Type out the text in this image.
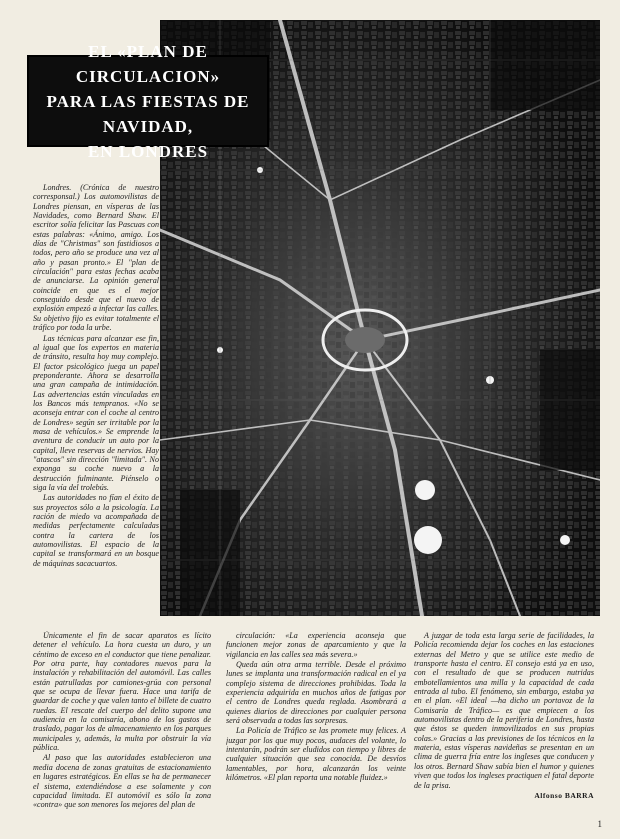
EL «PLAN DE CIRCULACION»
PARA LAS FIESTAS DE NAVIDAD,
EN LONDRES

Londres. (Crónica de nuestro corresponsal.) Los automovilistas de Londres piensan, en vísperas de las Navidades, como Bernard Shaw. El escritor solía felicitar las Pascuas con estas palabras: «Ánimo, amigo. Los días de "Christmas" son fastidiosos a todos, pero año se produce una vez al año y pasan pronto.» El "plan de circulación" para estas fechas acaba de anunciarse. La opinión general coincide en que es el mejor conseguido desde que el nuevo de explosión empezó a infectar las calles. Su objetivo fijo es evitar totalmente el tráfico por toda la urbe.

Las técnicas para alcanzar ese fin, al igual que los expertos en materia de tránsito, resulta hoy muy complejo. El factor psicológico juega un papel preponderante. Ahora se desarrolla una gran campaña de intimidación. Las advertencias están vinculadas en los Bancos más tempranos. «No se aconseja entrar con el coche al centro de Londres» según ser irritable por la masa de vehículos.» Se emprende la aventura de conducir un auto por la capital, lleve reservas de nervios. Hay "atascos" sin dirección "limitada". No exponga su coche nuevo a la destrucción fulminante. Piénselo o siga la vía del trolebús.

Las autoridades no fían el éxito de sus proyectos sólo a la psicología. La ración de miedo va acompañada de medidas perfectamente calculadas contra la cartera de los automovilistas. El espacio de la capital se transformará en un bosque de máquinas sacacuartos.

Únicamente el fin de sacar aparatos es lícito detener el vehículo. La hora cuesta un duro, y un céntimo de exceso en el conductor que tiene penalizar. Por otra parte, hay contadores nuevos para la instalación y rehabilitación del automóvil. Las calles están patrulladas por camiones-grúa con personal que se ocupa de llevar fuera. Hace una tarifa de guardar de coche y que valen tanto el billete de cuatro ruedas. El rescate del cuerpo del delito supone una audiencia en la comisaría, abono de los gastos de traslado, pagar los de almacenamiento en los parques municipales y, además, la multa por obstruir la vía pública.

Al paso que las autoridades establecieron una media docena de zonas gratuitas de estacionamiento en lugares estratégicos. En ellas se ha de permanecer el sistema, extendiéndose a ese solamente y con capacidad limitada. El automóvil es sólo la zona «contra» que son menores los mejores del plan de

circulación: «La experiencia aconseja que funcionen mejor zonas de aparcamiento y que la vigilancia en las calles sea más severa.»

Queda aún otra arma terrible. Desde el próximo lunes se implanta una transformación radical en el ya complejo sistema de direcciones prohibidas. Toda la experiencia adquirida en muchos años de fatigas por el centro de Londres queda reglada. Asombrará a quienes diarios de direcciones por cualquier persona será observada a todas las sorpresas.

La Policía de Tráfico se las promete muy felices. A juzgar por los que muy pocos, audaces del volante, lo intentarán, podrán ser eludidos con tiempo y libres de cualquier situación que sea conocida. De desvíos lamentables, por hora, alcanzarán los veinte kilómetros. «El plan reporta una notable fluidez.»

A juzgar de toda esta larga serie de facilidades, la Policía recomienda dejar los coches en las estaciones externas del Metro y que se utilice este medio de transporte hasta el centro. El consejo está ya en uso, con el resultado de que se producen nutridas embotellamientos una milla y la capacidad de cada entrada al tubo. El fenómeno, sin embargo, estaba ya en el plan. «El ideal —ha dicho un portavoz de la Comisaría de Tráfico— es que empiecen a los automovilistas dentro de la periferia de Londres, hasta que éstos se queden inmovilizados en sus propias colas.» Gracias a las previsiones de los técnicos en la materia, estas vísperas navideñas se presentan en un clima de guerra fría entre los ingleses que conducen y los otros. Bernard Shaw sabía bien el humor y quienes viven que todos los ingleses practiquen el fatal deporte de la prisa.

Alfonso BARRA
1
